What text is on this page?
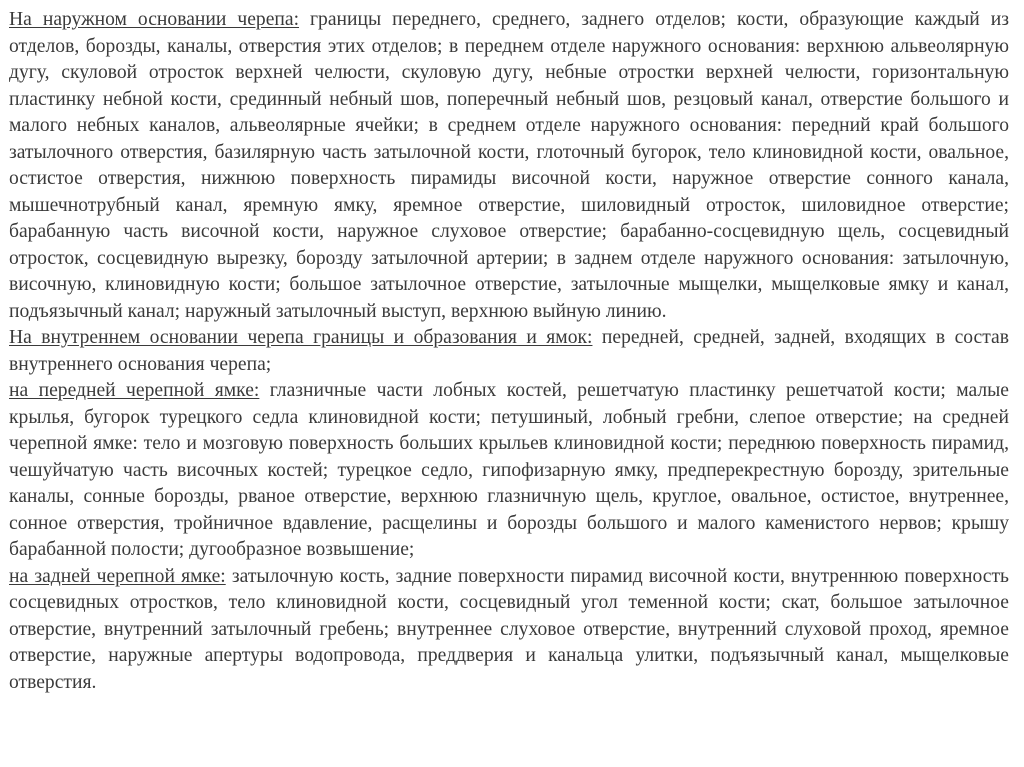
На наружном основании черепа: границы переднего, среднего, заднего отделов; кости, образующие каждый из отделов, борозды, каналы, отверстия этих отделов; в переднем отделе наружного основания: верхнюю альвеолярную дугу, скуловой отросток верхней челюсти, скуловую дугу, небные отростки верхней челюсти, горизонтальную пластинку небной кости, срединный небный шов, поперечный небный шов, резцовый канал, отверстие большого и малого небных каналов, альвеолярные ячейки; в среднем отделе наружного основания: передний край большого затылочного отверстия, базилярную часть затылочной кости, глоточный бугорок, тело клиновидной кости, овальное, остистое отверстия, нижнюю поверхность пирамиды височной кости, наружное отверстие сонного канала, мышечнотрубный канал, яремную ямку, яремное отверстие, шиловидный отросток, шиловидное отверстие; барабанную часть височной кости, наружное слуховое отверстие; барабанно-сосцевидную щель, сосцевидный отросток, сосцевидную вырезку, борозду затылочной артерии; в заднем отделе наружного основания: затылочную, височную, клиновидную кости; большое затылочное отверстие, затылочные мыщелки, мыщелковые ямку и канал, подъязычный канал; наружный затылочный выступ, верхнюю выйную линию.

На внутреннем основании черепа границы и образования и ямок: передней, средней, задней, входящих в состав внутреннего основания черепа;

на передней черепной ямке: глазничные части лобных костей, решетчатую пластинку решетчатой кости; малые крылья, бугорок турецкого седла клиновидной кости; петушиный, лобный гребни, слепое отверстие; на средней черепной ямке: тело и мозговую поверхность больших крыльев клиновидной кости; переднюю поверхность пирамид, чешуйчатую часть височных костей; турецкое седло, гипофизарную ямку, предперекрестную борозду, зрительные каналы, сонные борозды, рваное отверстие, верхнюю глазничную щель, круглое, овальное, остистое, внутреннее, сонное отверстия, тройничное вдавление, расщелины и борозды большого и малого каменистого нервов; крышу барабанной полости; дугообразное возвышение;

на задней черепной ямке: затылочную кость, задние поверхности пирамид височной кости, внутреннюю поверхность сосцевидных отростков, тело клиновидной кости, сосцевидный угол теменной кости; скат, большое затылочное отверстие, внутренний затылочный гребень; внутреннее слуховое отверстие, внутренний слуховой проход, яремное отверстие, наружные апертуры водопровода, преддверия и канальца улитки, подъязычный канал, мыщелковые отверстия.
